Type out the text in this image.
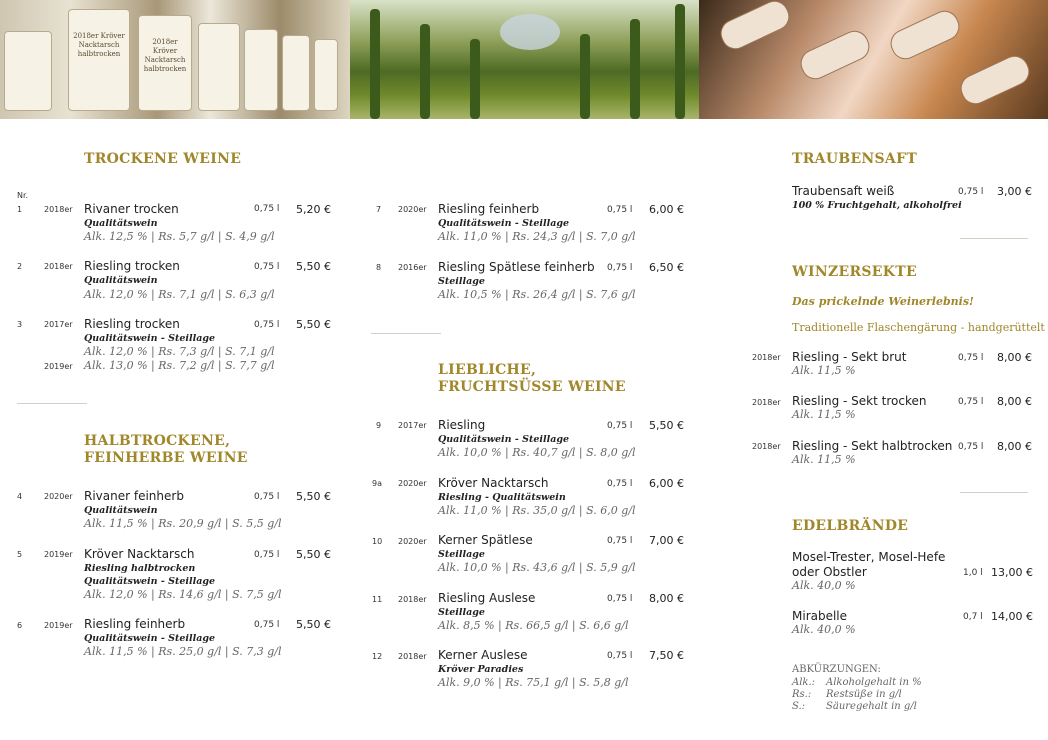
2018er Kröver Nacktarsch halbtrocken
2018er Kröver Nacktarsch halbtrocken
TROCKENE WEINE
Nr.
1	2018er Rivaner trocken	0,75 l 5,20 €
Qualitätswein
Alk. 12,5 % | Rs. 5,7 g/l | S. 4,9 g/l
2	2018er Riesling trocken	0,75 l 5,50 €
Qualitätswein
Alk. 12,0 % | Rs. 7,1 g/l | S. 6,3 g/l
3	2017er Riesling trocken	0,75 l 5,50 €
Qualitätswein - Steillage
Alk. 12,0 % | Rs. 7,3 g/l | S. 7,1 g/l
2019er Alk. 13,0 % | Rs. 7,2 g/l | S. 7,7 g/l
HALBTROCKENE,
FEINHERBE WEINE
4	2020er Rivaner feinherb	0,75 l 5,50 €
Qualitätswein
Alk. 11,5 % | Rs. 20,9 g/l | S. 5,5 g/l
5	2019er Kröver Nacktarsch	0,75 l 5,50 €
Riesling halbtrocken
Qualitätswein - Steillage
Alk. 12,0 % | Rs. 14,6 g/l | S. 7,5 g/l
6	2019er Riesling feinherb	0,75 l 5,50 €
Qualitätswein - Steillage
Alk. 11,5 % | Rs. 25,0 g/l | S. 7,3 g/l
7 2020er Riesling feinherb	0,75 l 6,00 €
Qualitätswein - Steillage
Alk. 11,0 % | Rs. 24,3 g/l | S. 7,0 g/l
8 2016er Riesling Spätlese feinherb 0,75 l 6,50 €
Steillage
Alk. 10,5 % | Rs. 26,4 g/l | S. 7,6 g/l
LIEBLICHE,
FRUCHTSÜSSE WEINE
9 2017er Riesling	0,75 l 5,50 €
Qualitätswein - Steillage
Alk. 10,0 % | Rs. 40,7 g/l | S. 8,0 g/l
9a 2020er Kröver Nacktarsch	0,75 l 6,00 €
Riesling - Qualitätswein
Alk. 11,0 % | Rs. 35,0 g/l | S. 6,0 g/l
10 2020er Kerner Spätlese	0,75 l 7,00 €
Steillage
Alk. 10,0 % | Rs. 43,6 g/l | S. 5,9 g/l
11 2018er Riesling Auslese	0,75 l 8,00 €
Steillage
Alk. 8,5 % | Rs. 66,5 g/l | S. 6,6 g/l
12 2018er Kerner Auslese	0,75 l 7,50 €
Kröver Paradies
Alk. 9,0 % | Rs. 75,1 g/l | S. 5,8 g/l
TRAUBENSAFT
Traubensaft weiß	0,75 l 3,00 €
100 % Fruchtgehalt, alkoholfrei
WINZERSEKTE
Das prickelnde Weinerlebnis!
Traditionelle Flaschengärung - handgerüttelt
2018er Riesling - Sekt brut	0,75 l 8,00 €
Alk. 11,5 %
2018er Riesling - Sekt trocken	0,75 l 8,00 €
Alk. 11,5 %
2018er Riesling - Sekt halbtrocken 0,75 l 8,00 €
Alk. 11,5 %
EDELBRÄNDE
Mosel-Trester, Mosel-Hefe
oder Obstler	1,0 l 13,00 €
Alk. 40,0 %
Mirabelle	0,7 l 14,00 €
Alk. 40,0 %
ABKÜRZUNGEN:
Alk.: Alkoholgehalt in %
Rs.: Restsüße in g/l
S.: Säuregehalt in g/l
